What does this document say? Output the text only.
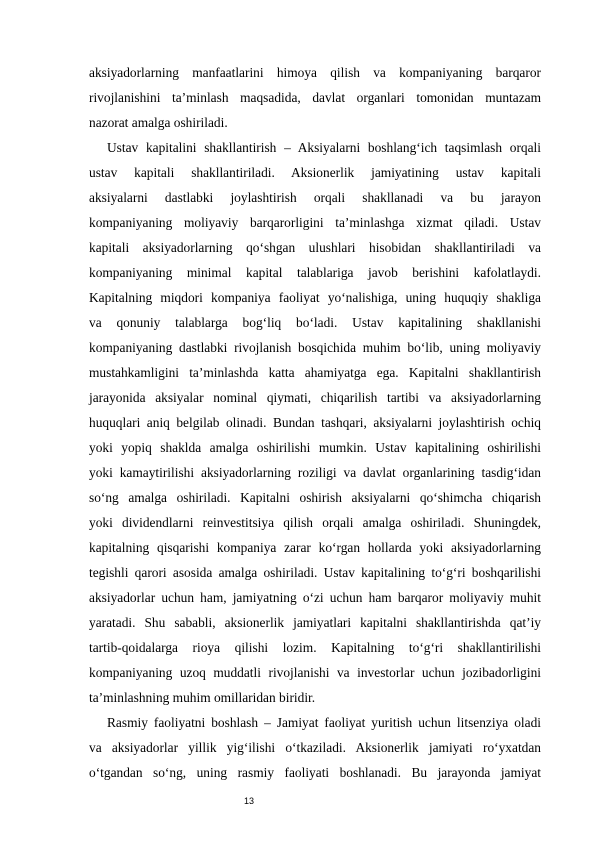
aksiyadorlarning manfaatlarini himoya qilish va kompaniyaning barqaror
rivojlanishini ta’minlash maqsadida, davlat organlari tomonidan muntazam
nazorat amalga oshiriladi.
Ustav kapitalini shakllantirish – Aksiyalarni boshlang‘ich taqsimlash orqali
ustav kapitali shakllantiriladi. Aksionerlik jamiyatining ustav kapitali
aksiyalarni dastlabki joylashtirish orqali shakllanadi va bu jarayon
kompaniyaning moliyaviy barqarorligini ta’minlashga xizmat qiladi. Ustav
kapitali aksiyadorlarning qo‘shgan ulushlari hisobidan shakllantiriladi va
kompaniyaning minimal kapital talablariga javob berishini kafolatlaydi.
Kapitalning miqdori kompaniya faoliyat yo‘nalishiga, uning huquqiy shakliga
va qonuniy talablarga bog‘liq bo‘ladi. Ustav kapitalining shakllanishi
kompaniyaning dastlabki rivojlanish bosqichida muhim bo‘lib, uning moliyaviy
mustahkamligini ta’minlashda katta ahamiyatga ega. Kapitalni shakllantirish
jarayonida aksiyalar nominal qiymati, chiqarilish tartibi va aksiyadorlarning
huquqlari aniq belgilab olinadi. Bundan tashqari, aksiyalarni joylashtirish ochiq
yoki yopiq shaklda amalga oshirilishi mumkin. Ustav kapitalining oshirilishi
yoki kamaytirilishi aksiyadorlarning roziligi va davlat organlarining tasdig‘idan
so‘ng amalga oshiriladi. Kapitalni oshirish aksiyalarni qo‘shimcha chiqarish
yoki dividendlarni reinvestitsiya qilish orqali amalga oshiriladi. Shuningdek,
kapitalning qisqarishi kompaniya zarar ko‘rgan hollarda yoki aksiyadorlarning
tegishli qarori asosida amalga oshiriladi. Ustav kapitalining to‘g‘ri boshqarilishi
aksiyadorlar uchun ham, jamiyatning o‘zi uchun ham barqaror moliyaviy muhit
yaratadi. Shu sababli, aksionerlik jamiyatlari kapitalni shakllantirishda qat’iy
tartib-qoidalarga rioya qilishi lozim. Kapitalning to‘g‘ri shakllantirilishi
kompaniyaning uzoq muddatli rivojlanishi va investorlar uchun jozibadorligini
ta’minlashning muhim omillaridan biridir.
Rasmiy faoliyatni boshlash – Jamiyat faoliyat yuritish uchun litsenziya oladi
va aksiyadorlar yillik yig‘ilishi o‘tkaziladi. Aksionerlik jamiyati ro‘yxatdan
o‘tgandan so‘ng, uning rasmiy faoliyati boshlanadi. Bu jarayonda jamiyat
13
